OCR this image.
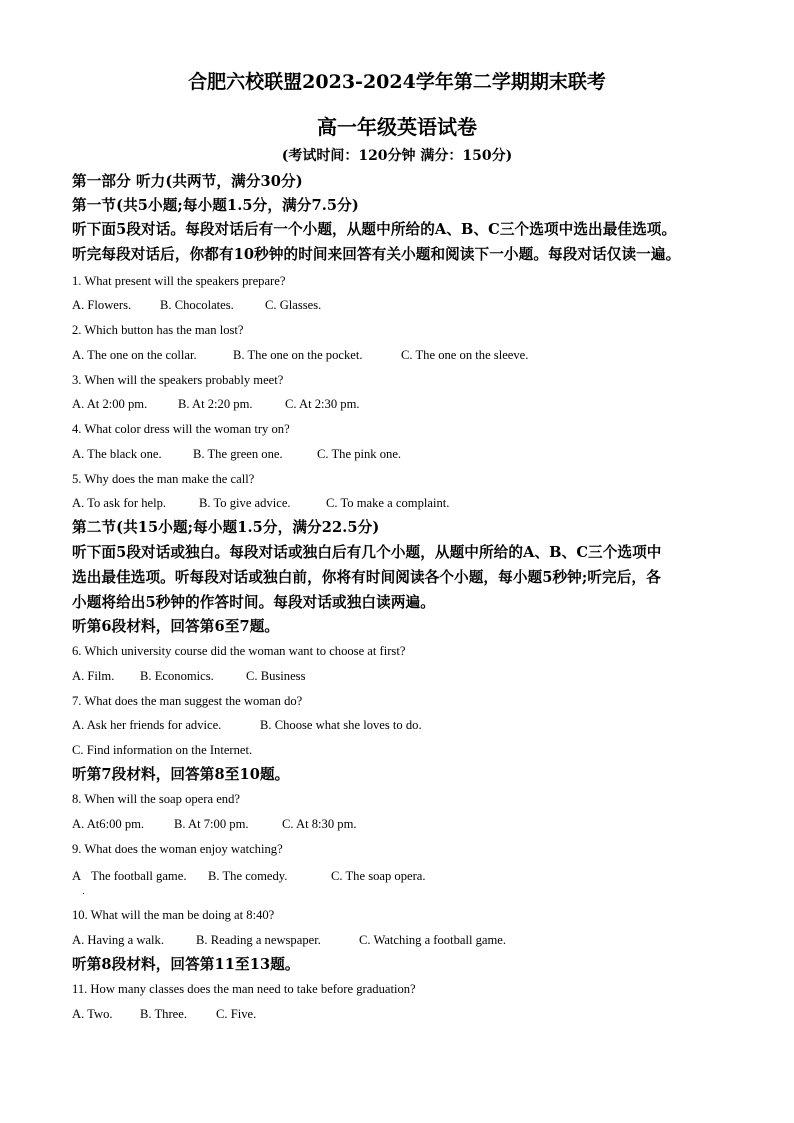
合肥六校联盟2023-2024学年第二学期期末联考
高一年级英语试卷
(考试时间：120分钟 满分：150分)
第一部分 听力(共两节，满分30分)
第一节(共5小题;每小题1.5分，满分7.5分)
听下面5段对话。每段对话后有一个小题，从题中所给的A、B、C三个选项中选出最佳选项。
听完每段对话后，你都有10秒钟的时间来回答有关小题和阅读下一小题。每段对话仅读一遍。
1. What present will the speakers prepare?
A. Flowers. B. Chocolates. C. Glasses.
2. Which button has the man lost?
A. The one on the collar.	B. The one on the pocket.	C. The one on the sleeve.
3. When will the speakers probably meet?
A. At 2:00 pm. B. At 2:20 pm.	C. At 2:30 pm.
4. What color dress will the woman try on?
A. The black one. B. The green one.	C. The pink one.
5. Why does the man make the call?
A. To ask for help.	B. To give advice.	C. To make a complaint.
第二节(共15小题;每小题1.5分，满分22.5分)
听下面5段对话或独白。每段对话或独白后有几个小题，从题中所给的A、B、C三个选项中
选出最佳选项。听每段对话或独白前，你将有时间阅读各个小题，每小题5秒钟;听完后，各
小题将给出5秒钟的作答时间。每段对话或独白读两遍。
听第6段材料，回答第6至7题。
6. Which university course did the woman want to choose at first?
A. Film. B. Economics.	C. Business
7. What does the man suggest the woman do?
A. Ask her friends for advice.	B. Choose what she loves to do.
C. Find information on the Internet.
听第7段材料，回答第8至10题。
8. When will the soap opera end?
A. At6:00 pm. B. At 7:00 pm.	C. At 8:30 pm.
9. What does the woman enjoy watching?
A The football game. B. The comedy.	C. The soap opera.
.
10. What will the man be doing at 8:40?
A. Having a walk.	B. Reading a newspaper.	C. Watching a football game.
听第8段材料，回答第11至13题。
11. How many classes does the man need to take before graduation?
A. Two. B. Three. C. Five.
